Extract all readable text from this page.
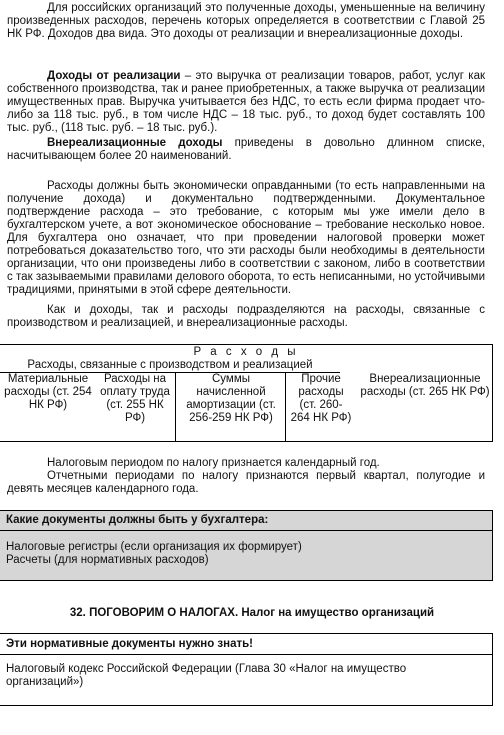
Для российских организаций это полученные доходы, уменьшенные на величину произведенных расходов, перечень которых определяется в соответствии с Главой 25 НК РФ. Доходов два вида. Это доходы от реализации и внереализационные доходы.

Доходы от реализации – это выручка от реализации товаров, работ, услуг как собственного производства, так и ранее приобретенных, а также выручка от реализации имущественных прав. Выручка учитывается без НДС, то есть если фирма продает что-либо за 118 тыс. руб., в том числе НДС – 18 тыс. руб., то доход будет составлять 100 тыс. руб., (118 тыс. руб. – 18 тыс. руб.).

Внереализационные доходы приведены в довольно длинном списке, насчитывающем более 20 наименований.

Расходы должны быть экономически оправданными (то есть направленными на получение дохода) и документально подтвержденными. Документальное подтверждение расхода – это требование, с которым мы уже имели дело в бухгалтерском учете, а вот экономическое обоснование – требование несколько новое. Для бухгалтера оно означает, что при проведении налоговой проверки может потребоваться доказательство того, что эти расходы были необходимы в деятельности организации, что они произведены либо в соответствии с законом, либо в соответствии с так зазываемыми правилами делового оборота, то есть неписанными, но устойчивыми традициями, принятыми в этой сфере деятельности.

Как и доходы, так и расходы подразделяются на расходы, связанные с производством и реализацией, и внереализационные расходы.

Р а с х о д ы
Расходы, связанные с производством и реализацией
Материальные расходы (ст. 254 НК РФ)
Расходы на оплату труда (ст. 255 НК РФ)
Суммы начисленной амортизации (ст. 256-259 НК РФ)
Прочие расходы (ст. 260-264 НК РФ)
Внереализационные расходы (ст. 265 НК РФ)

Налоговым периодом по налогу признается календарный год.

Отчетными периодами по налогу признаются первый квартал, полугодие и девять месяцев календарного года.

Какие документы должны быть у бухгалтера:
Налоговые регистры (если организация их формирует)
Расчеты (для нормативных расходов)
32. ПОГОВОРИМ О НАЛОГАХ. Налог на имущество организаций
Эти нормативные документы нужно знать!
Налоговый кодекс Российской Федерации (Глава 30 «Налог на имущество организаций»)
